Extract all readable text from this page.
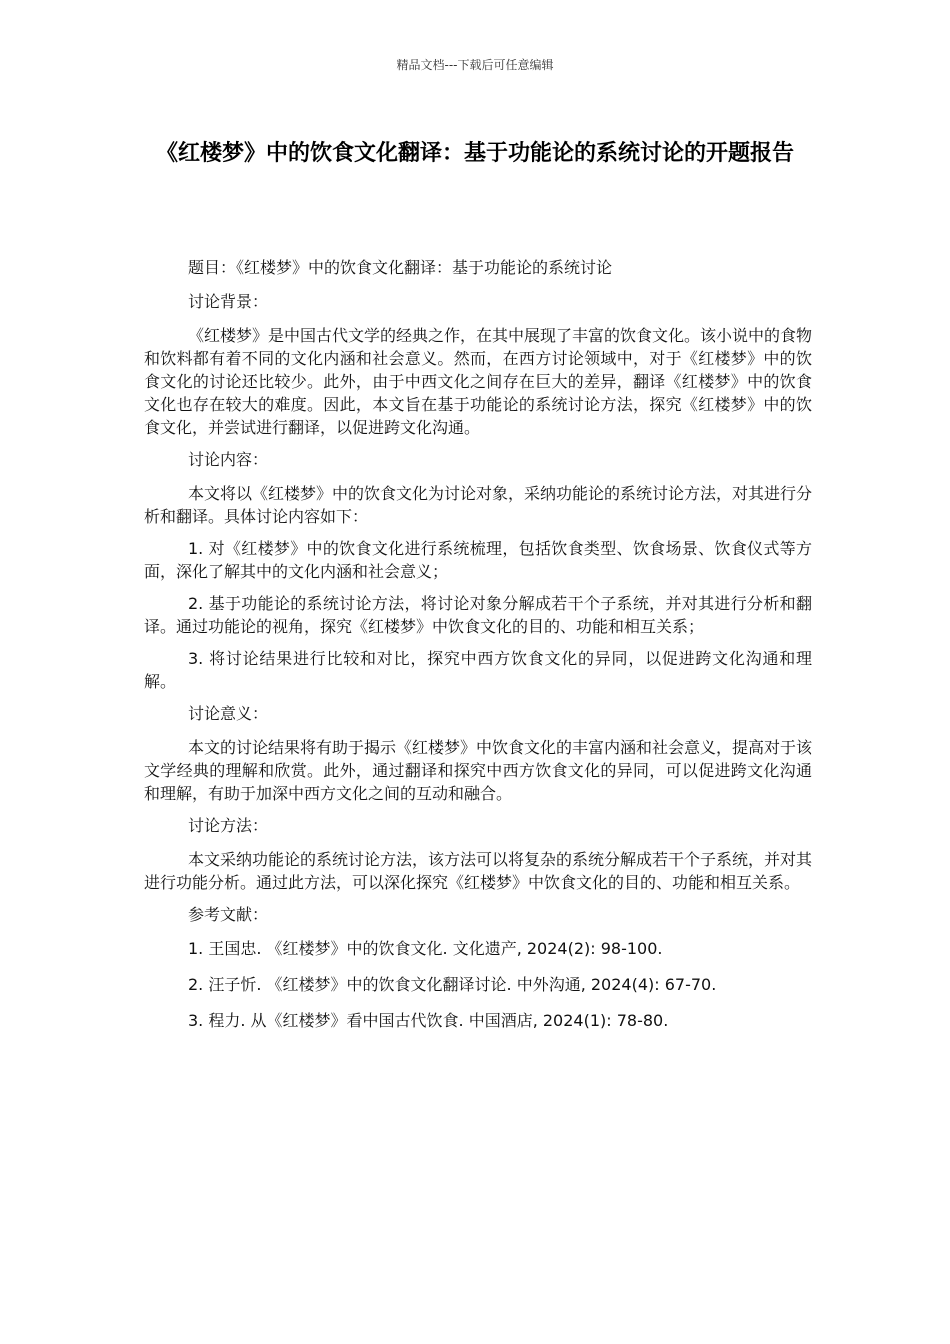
精品文档---下载后可任意编辑
《红楼梦》中的饮食文化翻译：基于功能论的系统讨论的开题报告

题目：《红楼梦》中的饮食文化翻译：基于功能论的系统讨论

讨论背景：

《红楼梦》是中国古代文学的经典之作，在其中展现了丰富的饮食文化。该小说中的食物和饮料都有着不同的文化内涵和社会意义。然而，在西方讨论领域中，对于《红楼梦》中的饮食文化的讨论还比较少。此外，由于中西文化之间存在巨大的差异，翻译《红楼梦》中的饮食文化也存在较大的难度。因此，本文旨在基于功能论的系统讨论方法，探究《红楼梦》中的饮食文化，并尝试进行翻译，以促进跨文化沟通。

讨论内容：

本文将以《红楼梦》中的饮食文化为讨论对象，采纳功能论的系统讨论方法，对其进行分析和翻译。具体讨论内容如下：

1. 对《红楼梦》中的饮食文化进行系统梳理，包括饮食类型、饮食场景、饮食仪式等方面，深化了解其中的文化内涵和社会意义；

2. 基于功能论的系统讨论方法，将讨论对象分解成若干个子系统，并对其进行分析和翻译。通过功能论的视角，探究《红楼梦》中饮食文化的目的、功能和相互关系；

3. 将讨论结果进行比较和对比，探究中西方饮食文化的异同，以促进跨文化沟通和理解。

讨论意义：

本文的讨论结果将有助于揭示《红楼梦》中饮食文化的丰富内涵和社会意义，提高对于该文学经典的理解和欣赏。此外，通过翻译和探究中西方饮食文化的异同，可以促进跨文化沟通和理解，有助于加深中西方文化之间的互动和融合。

讨论方法：

本文采纳功能论的系统讨论方法，该方法可以将复杂的系统分解成若干个子系统，并对其进行功能分析。通过此方法，可以深化探究《红楼梦》中饮食文化的目的、功能和相互关系。

参考文献：

1. 王国忠. 《红楼梦》中的饮食文化. 文化遗产, 2024(2): 98-100.

2. 汪子忻. 《红楼梦》中的饮食文化翻译讨论. 中外沟通, 2024(4): 67-70.

3. 程力. 从《红楼梦》看中国古代饮食. 中国酒店, 2024(1): 78-80.
